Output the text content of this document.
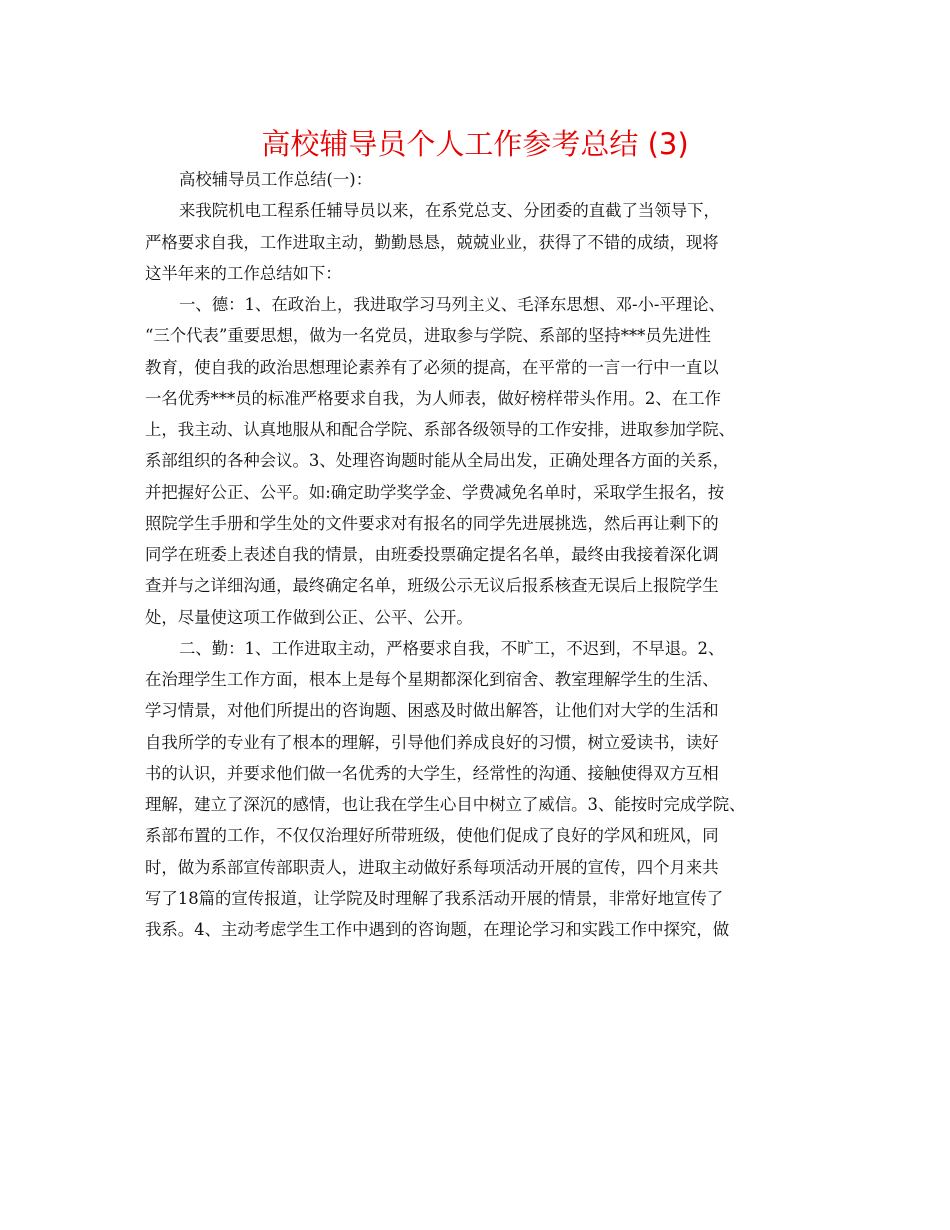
高校辅导员个人工作参考总结 (3)
高校辅导员工作总结(一)：
来我院机电工程系任辅导员以来，在系党总支、分团委的直截了当领导下，
严格要求自我，工作进取主动，勤勤恳恳，兢兢业业，获得了不错的成绩，现将
这半年来的工作总结如下：
一、德：1、在政治上，我进取学习马列主义、毛泽东思想、邓-小-平理论、
“三个代表”重要思想，做为一名党员，进取参与学院、系部的坚持***员先进性
教育，使自我的政治思想理论素养有了必须的提高，在平常的一言一行中一直以
一名优秀***员的标准严格要求自我，为人师表，做好榜样带头作用。2、在工作
上，我主动、认真地服从和配合学院、系部各级领导的工作安排，进取参加学院、
系部组织的各种会议。3、处理咨询题时能从全局出发，正确处理各方面的关系，
并把握好公正、公平。如:确定助学奖学金、学费减免名单时，采取学生报名，按
照院学生手册和学生处的文件要求对有报名的同学先进展挑选，然后再让剩下的
同学在班委上表述自我的情景，由班委投票确定提名名单，最终由我接着深化调
查并与之详细沟通，最终确定名单，班级公示无议后报系核查无误后上报院学生
处，尽量使这项工作做到公正、公平、公开。
二、勤：1、工作进取主动，严格要求自我，不旷工，不迟到，不早退。2、
在治理学生工作方面，根本上是每个星期都深化到宿舍、教室理解学生的生活、
学习情景，对他们所提出的咨询题、困惑及时做出解答，让他们对大学的生活和
自我所学的专业有了根本的理解，引导他们养成良好的习惯，树立爱读书，读好
书的认识，并要求他们做一名优秀的大学生，经常性的沟通、接触使得双方互相
理解，建立了深沉的感情，也让我在学生心目中树立了威信。3、能按时完成学院、
系部布置的工作，不仅仅治理好所带班级，使他们促成了良好的学风和班风，同
时，做为系部宣传部职责人，进取主动做好系每项活动开展的宣传，四个月来共
写了18篇的宣传报道，让学院及时理解了我系活动开展的情景，非常好地宣传了
我系。4、主动考虑学生工作中遇到的咨询题，在理论学习和实践工作中探究，做
